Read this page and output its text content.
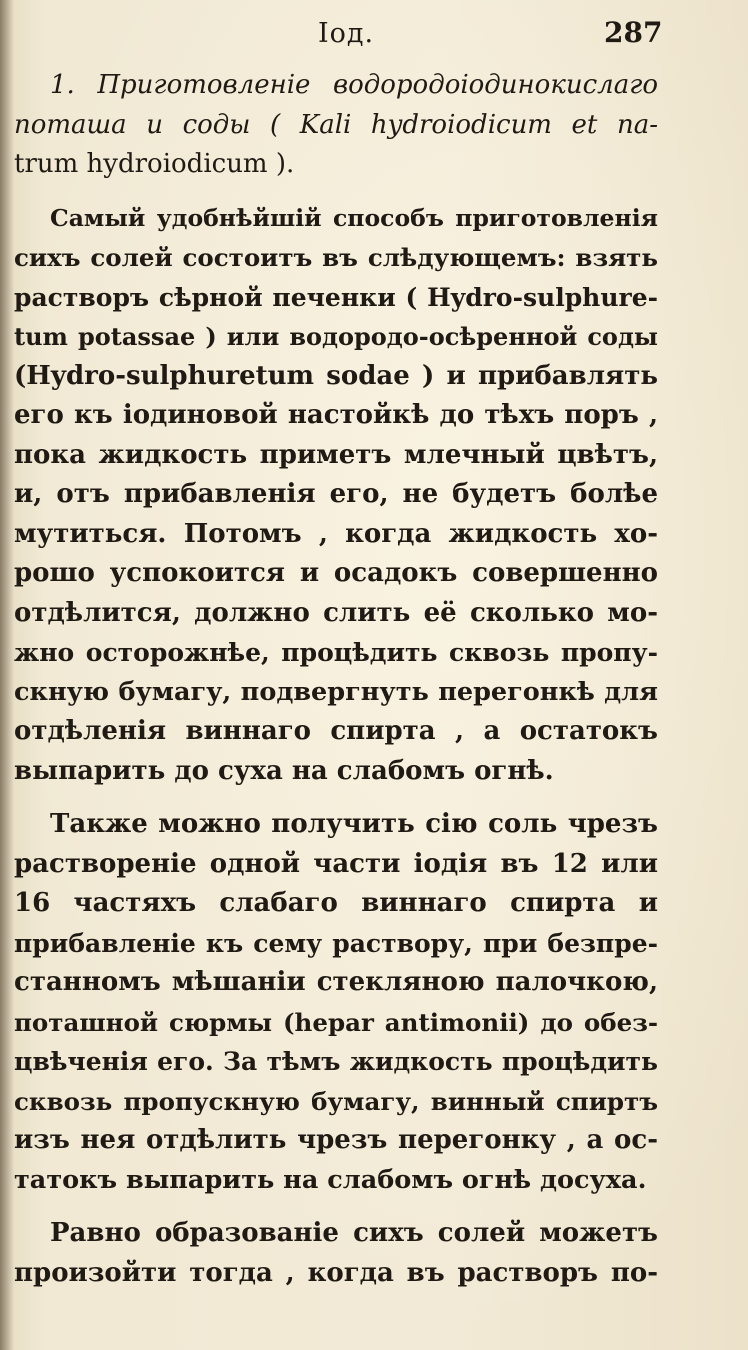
Іод.	287
1. Приготовленіе водородоіодинокислаго
поташа и соды ( Kali hydroiodicum et na-
trum hydroiodicum ).
Самый удобнѣйшій способъ приготовленія
сихъ солей состоитъ въ слѣдующемъ: взять
растворъ сѣрной печенки ( Hydro-sulphure-
tum potassae ) или водородо-осѣренной соды
(Hydro-sulphuretum sodae ) и прибавлять
его къ іодиновой настойкѣ до тѣхъ поръ ,
пока жидкость приметъ млечный цвѣтъ,
и, отъ прибавленія его, не будетъ болѣе
мутиться. Потомъ , когда жидкость хо-
рошо успокоится и осадокъ совершенно
отдѣлится, должно слить её сколько мо-
жно осторожнѣе, процѣдить сквозь пропу-
скную бумагу, подвергнуть перегонкѣ для
отдѣленія виннаго спирта , а остатокъ
выпарить до суха на слабомъ огнѣ.
Также можно получить сію соль чрезъ
раствореніе одной части іодія въ 12 или
16 частяхъ слабаго виннаго спирта и
прибавленіе къ сему раствору, при безпре-
станномъ мѣшаніи стекляною палочкою,
поташной сюрмы (hepar antimonii) до обез-
цвѣченія его. За тѣмъ жидкость процѣдить
сквозь пропускную бумагу, винный спиртъ
изъ нея отдѣлить чрезъ перегонку , а ос-
татокъ выпарить на слабомъ огнѣ досуха.
Равно образованіе сихъ солей можетъ
произойти тогда , когда въ растворъ по-
